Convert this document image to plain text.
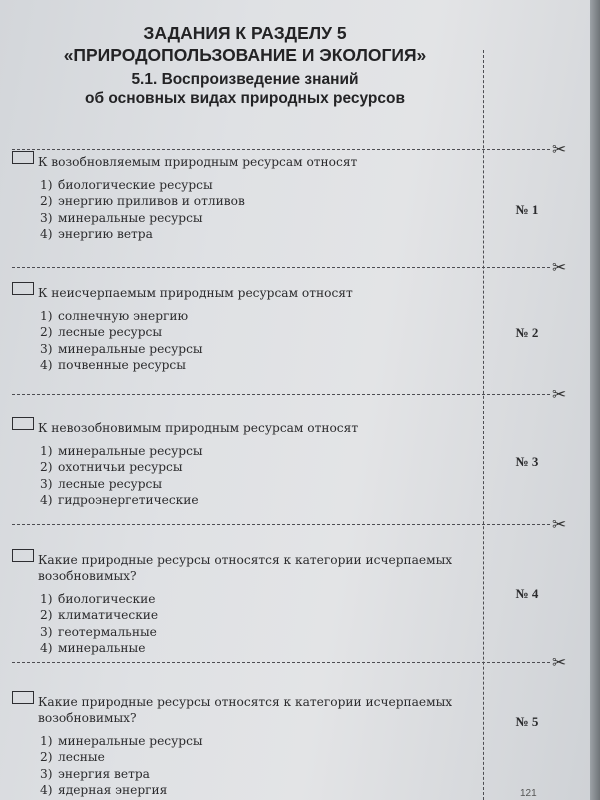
ЗАДАНИЯ К РАЗДЕЛУ 5
«ПРИРОДОПОЛЬЗОВАНИЕ И ЭКОЛОГИЯ»
5.1. Воспроизведение знаний
об основных видах природных ресурсов
✂
К возобновляемым природным ресурсам относят
1) биологические ресурсы
2) энергию приливов и отливов
3) минеральные ресурсы
4) энергию ветра
№ 1
✂
К неисчерпаемым природным ресурсам относят
1) солнечную энергию
2) лесные ресурсы
3) минеральные ресурсы
4) почвенные ресурсы
№ 2
✂
К невозобновимым природным ресурсам относят
1) минеральные ресурсы
2) охотничьи ресурсы
3) лесные ресурсы
4) гидроэнергетические
№ 3
✂
Какие природные ресурсы относятся к категории исчерпаемых возобновимых?
1) биологические
2) климатические
3) геотермальные
4) минеральные
№ 4
✂
Какие природные ресурсы относятся к категории исчерпаемых возобновимых?
1) минеральные ресурсы
2) лесные
3) энергия ветра
4) ядерная энергия
№ 5
121
